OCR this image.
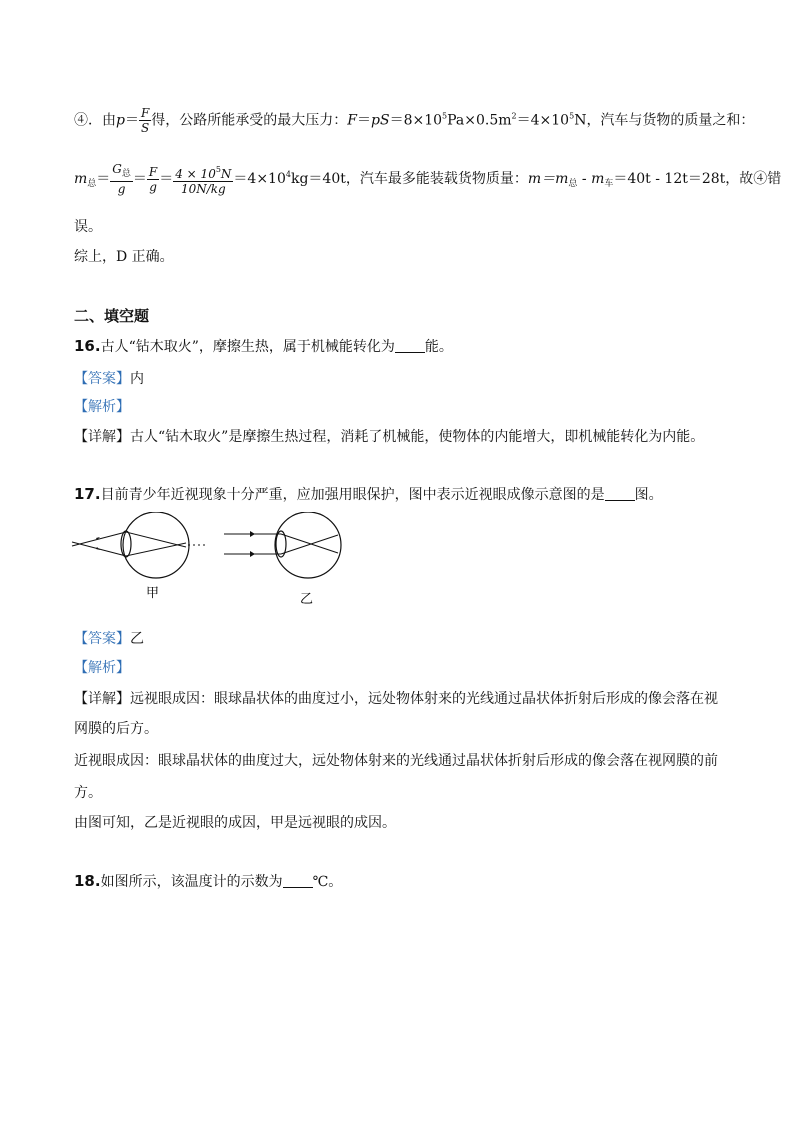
④．由$p= \frac{F}{S}$ 得，公路所能承受的最大压力：$F=pS=8\times 10^5Pa\times 0.5m^2=4\times 10^5N$，汽车与货物的质量之和：
$m_总= \frac{G_总}{g} = \frac{F}{g} = \frac{4 \times 10^5N}{10N/kg} =4\times 10^4kg=40t$，汽车最多能装载货物质量：$m=m_总 - m_车=40t - 12t=28t$，故④错
误。
综上，D 正确。
二、填空题
16.古人“钻木取火”，摩擦生热，属于机械能转化为 能。
【答案】内
【解析】
【详解】古人“钻木取火”是摩擦生热过程，消耗了机械能，使物体的内能增大，即机械能转化为内能。
17.目前青少年近视现象十分严重，应加强用眼保护，图中表示近视眼成像示意图的是 图。
甲	乙
【答案】乙
【解析】
【详解】远视眼成因：眼球晶状体的曲度过小，远处物体射来的光线通过晶状体折射后形成的像会落在视
网膜的后方。
近视眼成因：眼球晶状体的曲度过大，远处物体射来的光线通过晶状体折射后形成的像会落在视网膜的前
方。
由图可知，乙是近视眼的成因，甲是远视眼的成因。
18.如图所示，该温度计的示数为 ℃。
